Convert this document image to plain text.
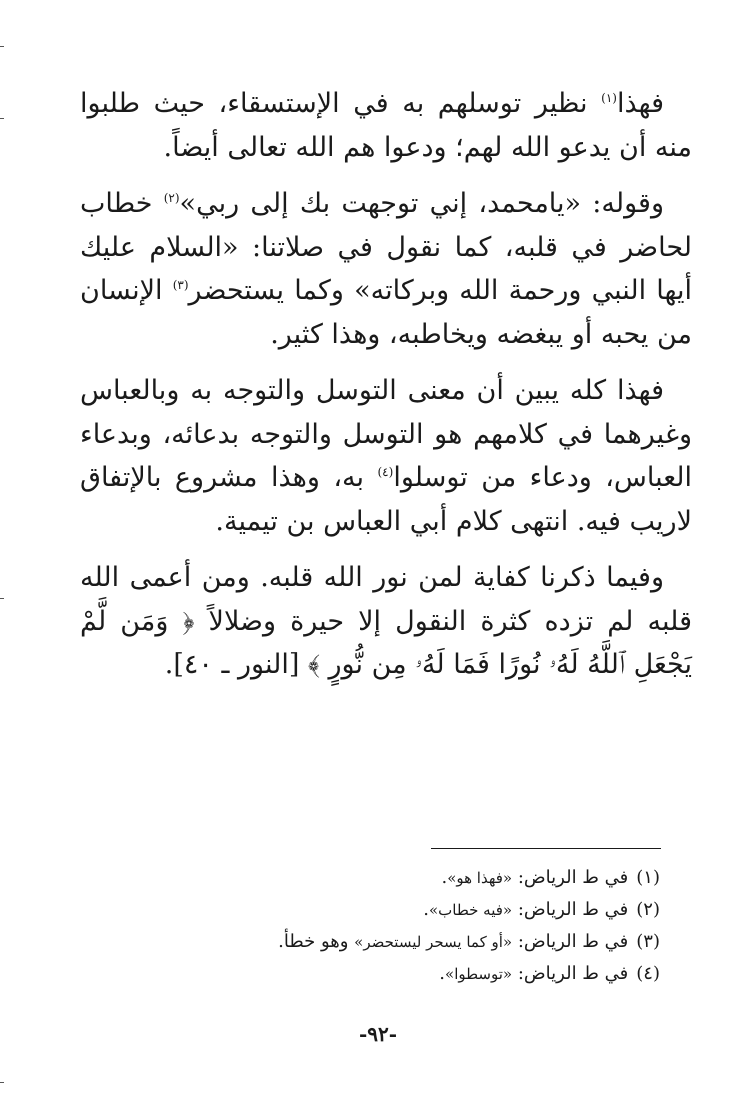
فهذا$^{(١)}$ نظير توسلهم به في الإستسقاء، حيث طلبوا منه أن يدعو الله لهم؛ ودعوا هم الله تعالى أيضاً.

وقوله: «يامحمد، إني توجهت بك إلى ربي»$^{(٢)}$ خطاب لحاضر في قلبه، كما نقول في صلاتنا: «السلام عليك أيها النبي ورحمة الله وبركاته» وكما يستحضر$^{(٣)}$ الإنسان من يحبه أو يبغضه ويخاطبه، وهذا كثير.

فهذا كله يبين أن معنى التوسل والتوجه به وبالعباس وغيرهما في كلامهم هو التوسل والتوجه بدعائه، وبدعاء العباس، ودعاء من توسلوا$^{(٤)}$ به، وهذا مشروع بالإتفاق لاريب فيه. انتهى كلام أبي العباس بن تيمية.

وفيما ذكرنا كفاية لمن نور الله قلبه. ومن أعمى الله قلبه لم تزده كثرة النقول إلا حيرة وضلالاً ﴿ وَمَن لَّمْ يَجْعَلِ ٱللَّهُ لَهُۥ نُورًا فَمَا لَهُۥ مِن نُّورٍ ﴾ [النور ـ ٤٠].

(١)في ط الرياض: «فهذا هو».
(٢)في ط الرياض: «فيه خطاب».
(٣)في ط الرياض: «أو كما يسحر ليستحضر» وهو خطأ.
(٤)في ط الرياض: «توسطوا».
-٩٢-
